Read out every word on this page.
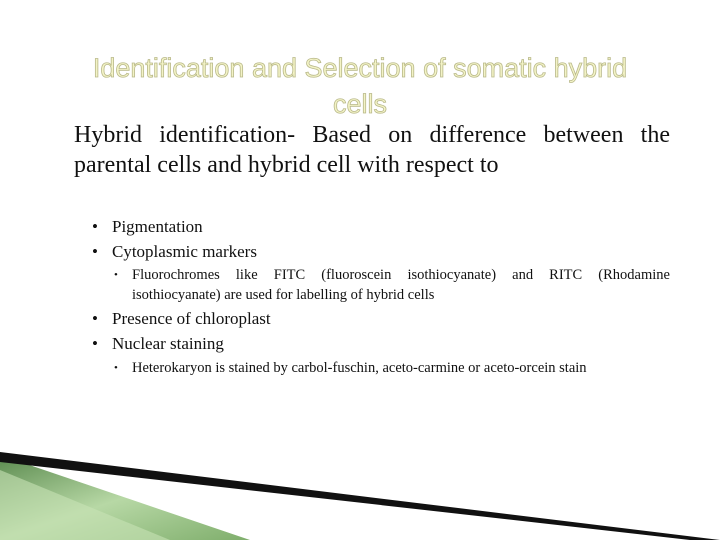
Identification and Selection of somatic hybrid
cells
Hybrid identification- Based on difference between the parental cells and hybrid cell with respect to
• Pigmentation
• Cytoplasmic markers
• Fluorochromes like FITC (fluoroscein isothiocyanate) and RITC (Rhodamine isothiocyanate) are used for labelling of hybrid cells
• Presence of chloroplast
• Nuclear staining
• Heterokaryon is stained by carbol-fuschin, aceto-carmine or aceto-orcein stain
